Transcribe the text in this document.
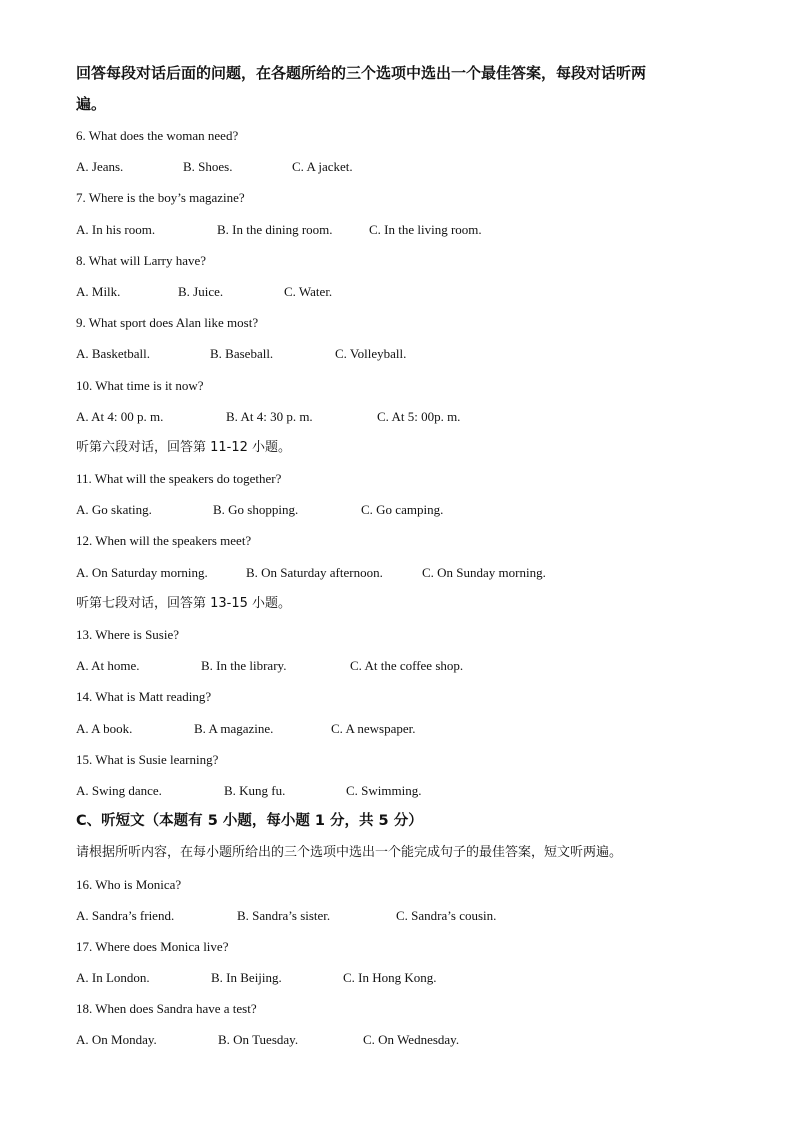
回答每段对话后面的问题，在各题所给的三个选项中选出一个最佳答案，每段对话听两

遍。

6. What does the woman need?
A. Jeans.	B. Shoes.	C. A jacket.
7. Where is the boy’s magazine?
A. In his room.	B. In the dining room.	C. In the living room.
8. What will Larry have?
A. Milk.	B. Juice.	C. Water.
9. What sport does Alan like most?
A. Basketball.	B. Baseball.	C. Volleyball.
10. What time is it now?
A. At 4: 00 p. m.	B. At 4: 30 p. m.	C. At 5: 00p. m.
听第六段对话，回答第 11-12 小题。
11. What will the speakers do together?
A. Go skating.	B. Go shopping.	C. Go camping.
12. When will the speakers meet?
A. On Saturday morning.	B. On Saturday afternoon.	C. On Sunday morning.
听第七段对话，回答第 13-15 小题。
13. Where is Susie?
A. At home.	B. In the library.	C. At the coffee shop.
14. What is Matt reading?
A. A book.	B. A magazine.	C. A newspaper.
15. What is Susie learning?
A. Swing dance.	B. Kung fu.	C. Swimming.
C、听短文（本题有 5 小题，每小题 1 分，共 5 分）
请根据所听内容，在每小题所给出的三个选项中选出一个能完成句子的最佳答案，短文听两遍。
16. Who is Monica?
A. Sandra’s friend.	B. Sandra’s sister.	C. Sandra’s cousin.
17. Where does Monica live?
A. In London.	B. In Beijing.	C. In Hong Kong.
18. When does Sandra have a test?
A. On Monday.	B. On Tuesday.	C. On Wednesday.
